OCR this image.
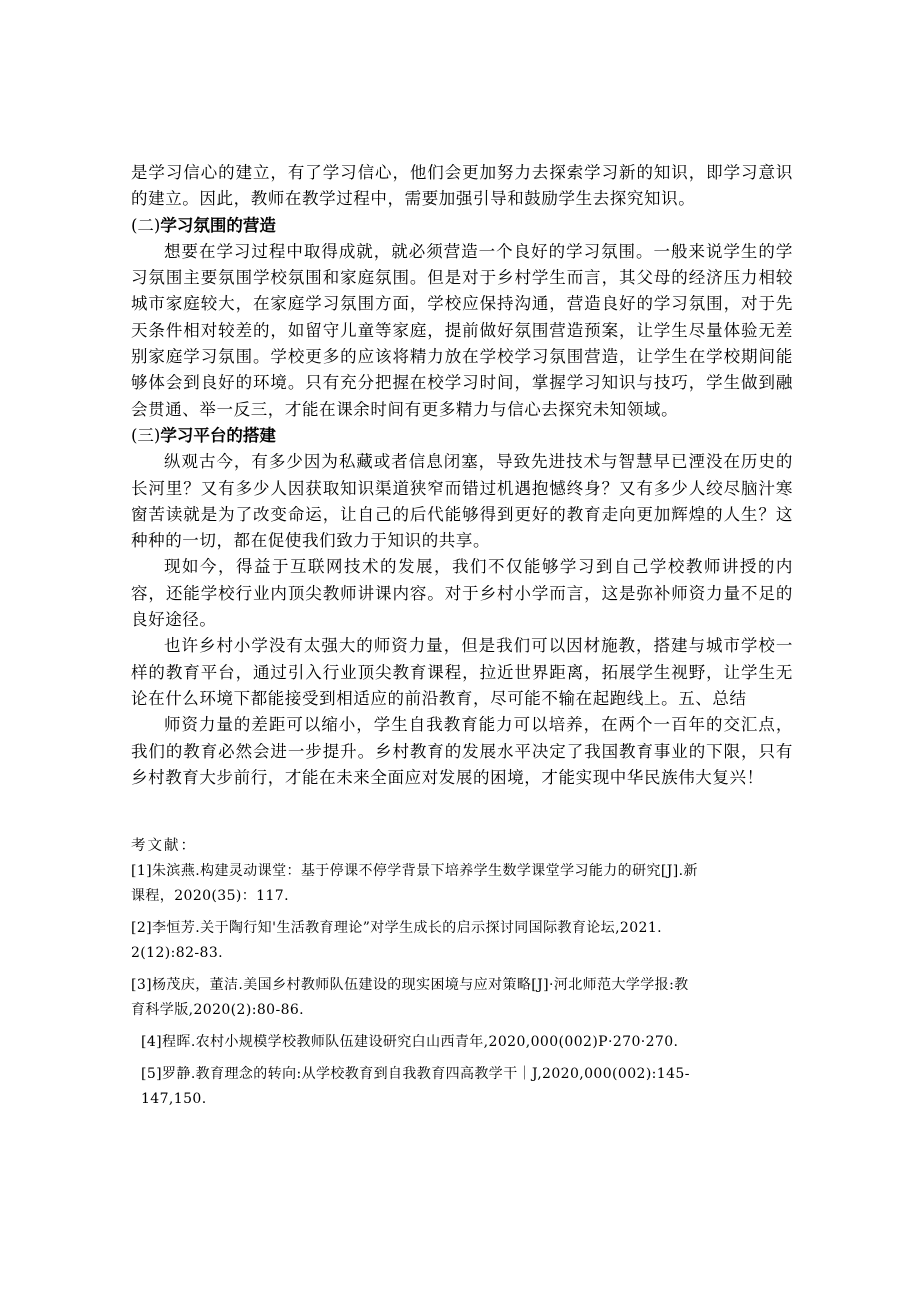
是学习信心的建立，有了学习信心，他们会更加努力去探索学习新的知识，即学习意识的建立。因此，教师在教学过程中，需要加强引导和鼓励学生去探究知识。

(二)学习氛围的营造

想要在学习过程中取得成就，就必须营造一个良好的学习氛围。一般来说学生的学习氛围主要氛围学校氛围和家庭氛围。但是对于乡村学生而言，其父母的经济压力相较城市家庭较大，在家庭学习氛围方面，学校应保持沟通，营造良好的学习氛围，对于先天条件相对较差的，如留守儿童等家庭，提前做好氛围营造预案，让学生尽量体验无差别家庭学习氛围。学校更多的应该将精力放在学校学习氛围营造，让学生在学校期间能够体会到良好的环境。只有充分把握在校学习时间，掌握学习知识与技巧，学生做到融会贯通、举一反三，才能在课余时间有更多精力与信心去探究未知领域。

(三)学习平台的搭建

纵观古今，有多少因为私藏或者信息闭塞，导致先进技术与智慧早已湮没在历史的长河里？又有多少人因获取知识渠道狭窄而错过机遇抱憾终身？又有多少人绞尽脑汁寒窗苦读就是为了改变命运，让自己的后代能够得到更好的教育走向更加辉煌的人生？这种种的一切，都在促使我们致力于知识的共享。

现如今，得益于互联网技术的发展，我们不仅能够学习到自己学校教师讲授的内容，还能学校行业内顶尖教师讲课内容。对于乡村小学而言，这是弥补师资力量不足的良好途径。

也许乡村小学没有太强大的师资力量，但是我们可以因材施教，搭建与城市学校一样的教育平台，通过引入行业顶尖教育课程，拉近世界距离，拓展学生视野，让学生无论在什么环境下都能接受到相适应的前沿教育，尽可能不输在起跑线上。五、总结

师资力量的差距可以缩小，学生自我教育能力可以培养，在两个一百年的交汇点，我们的教育必然会进一步提升。乡村教育的发展水平决定了我国教育事业的下限，只有乡村教育大步前行，才能在未来全面应对发展的困境，才能实现中华民族伟大复兴！

考文献：

[1]朱滨燕.构建灵动课堂：基于停课不停学背景下培养学生数学课堂学习能力的研究[J].新
课程，2020(35)：117.

[2]李恒芳.关于陶行知'生活教育理论”对学生成长的启示探讨同国际教育论坛,2021.
2(12):82-83.

[3]杨茂庆，董洁.美国乡村教师队伍建设的现实困境与应对策略[J]·河北师范大学学报:教
育科学版,2020(2):80-86.

[4]程晖.农村小规模学校教师队伍建设研究白山西青年,2020,000(002)P·270·270.

[5]罗静.教育理念的转向:从学校教育到自我教育四高教学干｜J,2020,000(002):145-
147,150.
